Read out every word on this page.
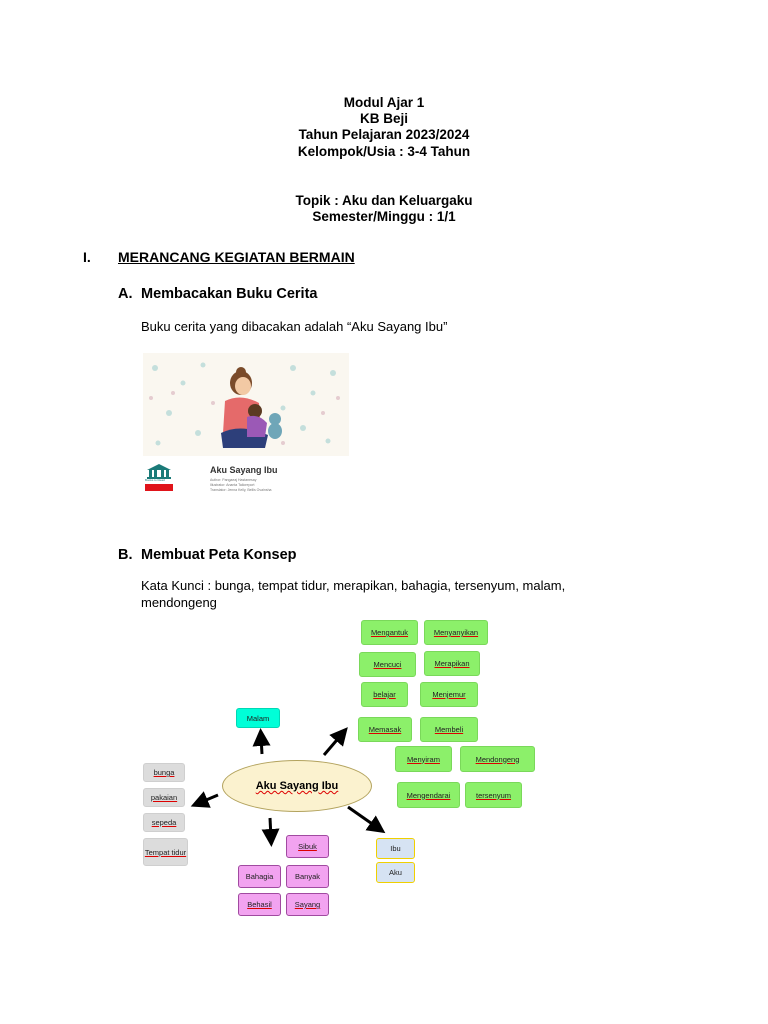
Modul Ajar 1
KB Beji
Tahun Pelajaran 2023/2024
Kelompok/Usia : 3-4 Tahun
Topik : Aku dan Keluargaku
Semester/Minggu : 1/1
I. MERANCANG KEGIATAN BERMAIN
A. Membacakan Buku Cerita
Buku cerita yang dibacakan adalah “Aku Sayang Ibu”
Books to Read
Aku Sayang Ibu
Author: Pangaeaj Hastanesay
Illustrator: Ananta Tailoreport
Translator: Jenna Kelly, Bellis Ovainsha
B. Membuat Peta Konsep
Kata Kunci : bunga, tempat tidur, merapikan, bahagia, tersenyum, malam,
mendongeng
Aku Sayang Ibu
Malam
bunga
pakaian
sepeda
Tempat tidur
Sibuk
Bahagia	Banyak
Behasil	Sayang
Ibu
Aku
Mengantuk	Menyanyikan
Mencuci	Merapikan
belajar	Menjemur
Memasak	Membeli
Menyiram	Mendongeng
Mengendarai	tersenyum
